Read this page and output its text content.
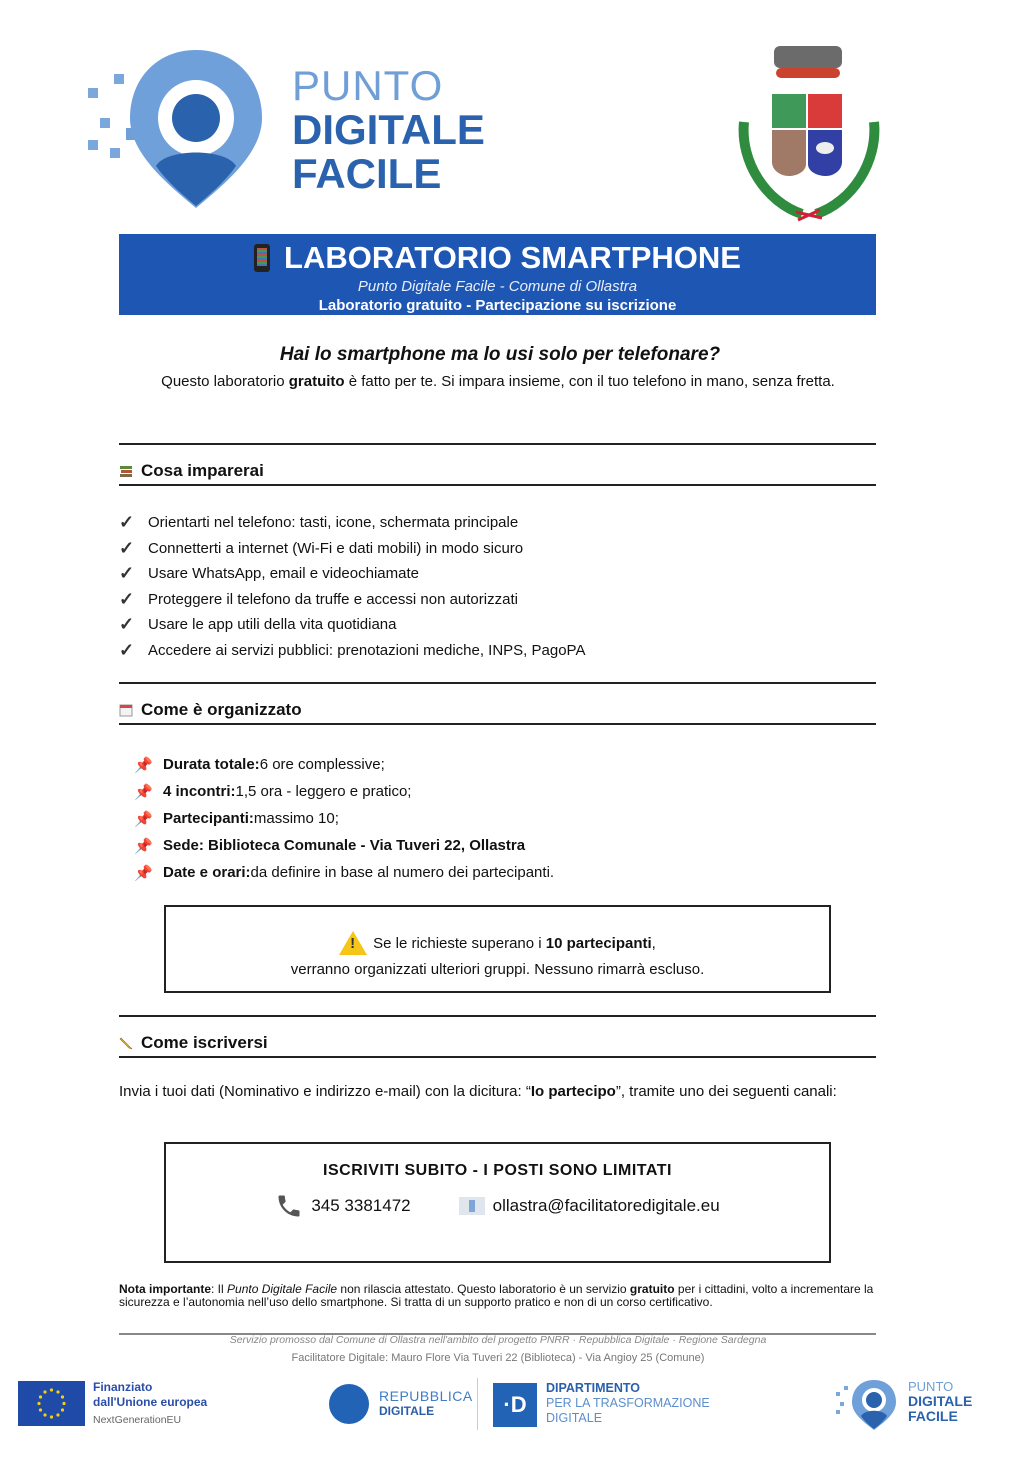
PUNTO
DIGITALE
FACILE
LABORATORIO SMARTPHONE
Punto Digitale Facile - Comune di Ollastra
Laboratorio gratuito - Partecipazione su iscrizione
Hai lo smartphone ma lo usi solo per telefonare?
Questo laboratorio gratuito è fatto per te. Si impara insieme, con il tuo telefono in mano, senza fretta.
Cosa imparerai
✓ Orientarti nel telefono: tasti, icone, schermata principale
✓ Connetterti a internet (Wi-Fi e dati mobili) in modo sicuro
✓ Usare WhatsApp, email e videochiamate
✓ Proteggere il telefono da truffe e accessi non autorizzati
✓ Usare le app utili della vita quotidiana
✓ Accedere ai servizi pubblici: prenotazioni mediche, INPS, PagoPA
Come è organizzato
📌 Durata totale: 6 ore complessive;
📌 4 incontri: 1,5 ora - leggero e pratico;
📌 Partecipanti: massimo 10;
📌 Sede: Biblioteca Comunale - Via Tuveri 22, Ollastra
📌 Date e orari: da definire in base al numero dei partecipanti.
! Se le richieste superano i 10 partecipanti,
verranno organizzati ulteriori gruppi. Nessuno rimarrà escluso.
Come iscriversi
Invia i tuoi dati (Nominativo e indirizzo e-mail) con la dicitura: “Io partecipo”, tramite uno dei seguenti canali:
ISCRIVITI SUBITO - I POSTI SONO LIMITATI
345 3381472	ollastra@facilitatoredigitale.eu
Nota importante: Il Punto Digitale Facile non rilascia attestato. Questo laboratorio è un servizio gratuito per i cittadini, volto a incrementare la sicurezza e l’autonomia nell’uso dello smartphone. Si tratta di un supporto pratico e non di un corso certificativo.
Servizio promosso dal Comune di Ollastra nell'ambito del progetto PNRR · Repubblica Digitale · Regione Sardegna
Facilitatore Digitale: Mauro Flore Via Tuveri 22 (Biblioteca) - Via Angioy 25 (Comune)
Finanziato
dall'Unione europea
NextGenerationEU
REPUBBLICA
DIGITALE	·D
DIPARTIMENTO
PER LA TRASFORMAZIONE
DIGITALE
PUNTO
DIGITALE
FACILE
